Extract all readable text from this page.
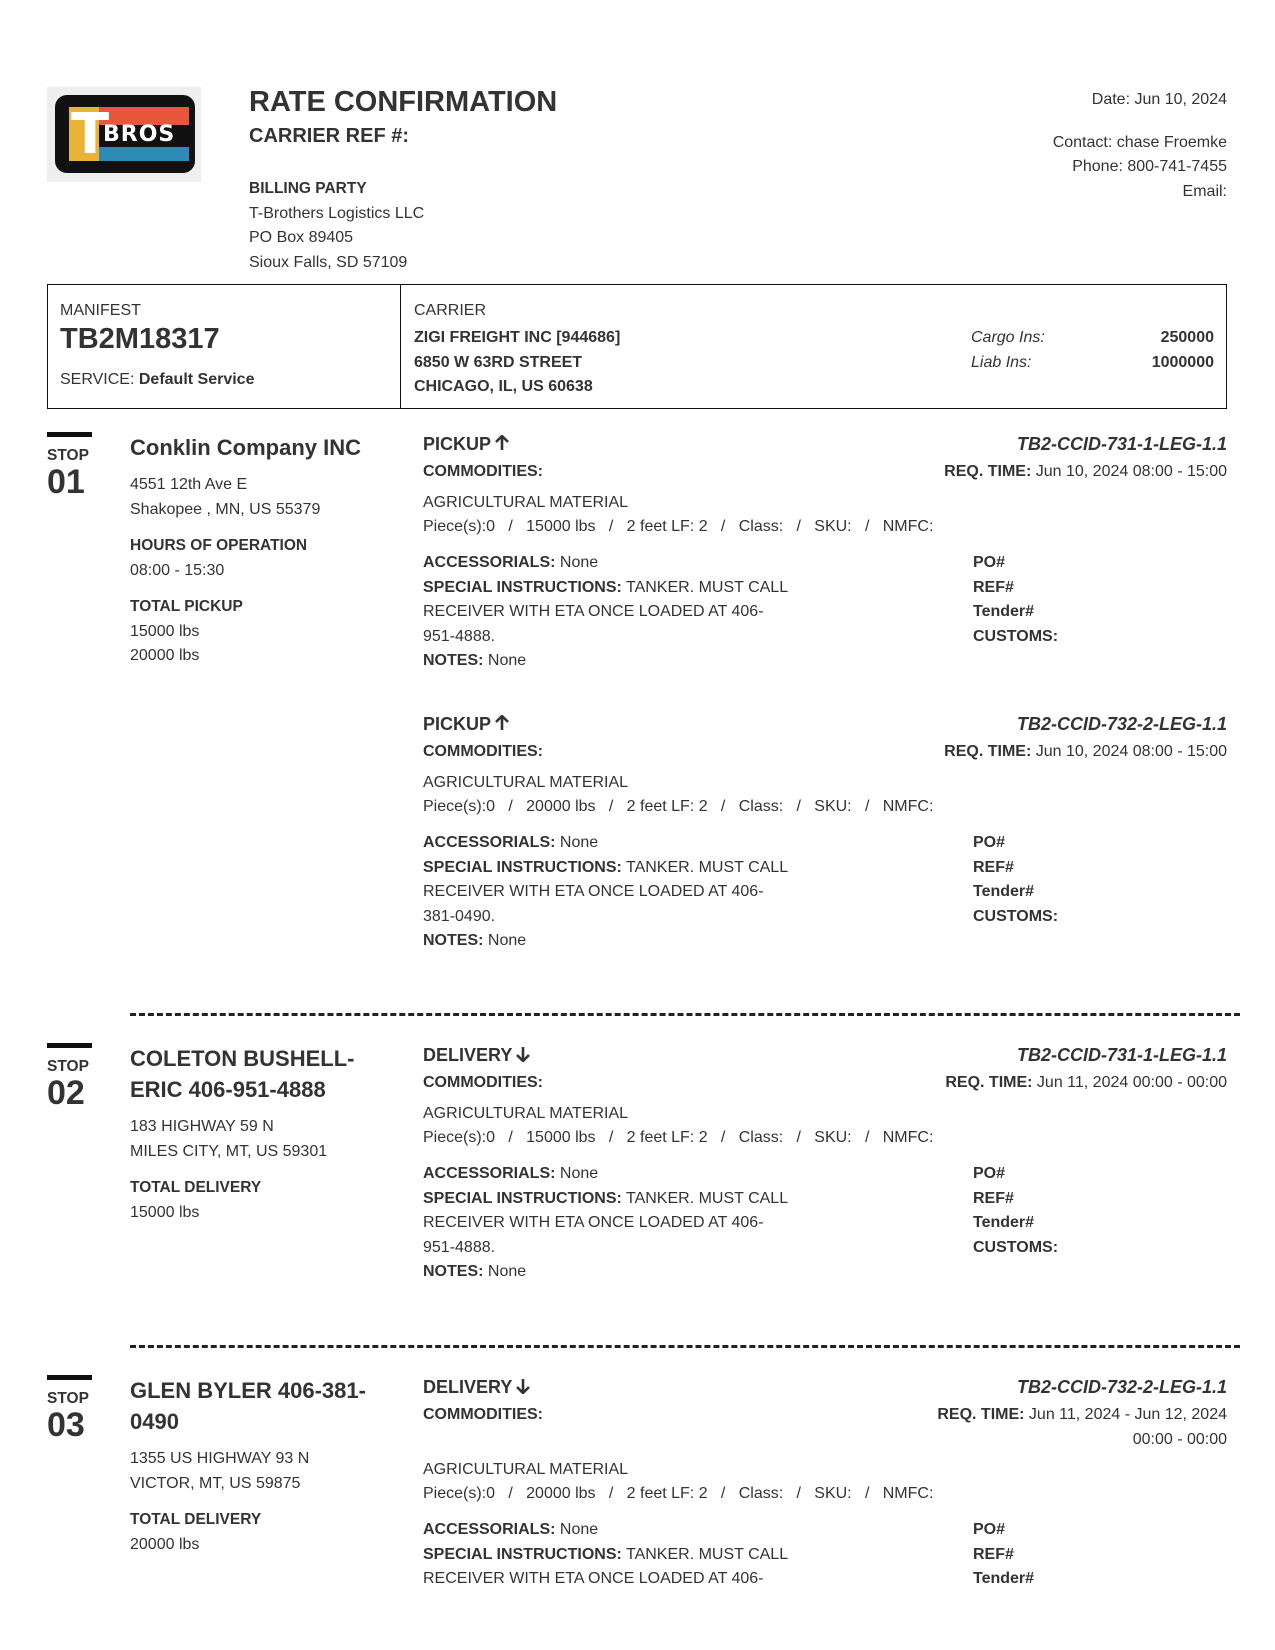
T
BROS
RATE CONFIRMATION
CARRIER REF #:
BILLING PARTY
T-Brothers Logistics LLC
PO Box 89405
Sioux Falls, SD 57109
Date: Jun 10, 2024
Contact: chase Froemke
Phone: 800-741-7455
Email:
MANIFEST
TB2M18317
SERVICE: Default Service
CARRIER
ZIGI FREIGHT INC [944686]
6850 W 63RD STREET
CHICAGO, IL, US 60638
Cargo Ins:	250000
Liab Ins:	1000000
STOP
01
Conklin Company INC
4551 12th Ave E
Shakopee , MN, US 55379
HOURS OF OPERATION
08:00 - 15:30
TOTAL PICKUP
15000 lbs
20000 lbs
PICKUP	TB2-CCID-731-1-LEG-1.1
COMMODITIES:	REQ. TIME: Jun 10, 2024 08:00 - 15:00
AGRICULTURAL MATERIAL
Piece(s):0   /   15000 lbs   /   2 feet LF: 2   /   Class:   /   SKU:   /   NMFC:
ACCESSORIALS: None
SPECIAL INSTRUCTIONS: TANKER. MUST CALL
RECEIVER WITH ETA ONCE LOADED AT 406-
951-4888.
NOTES: None
PO#
REF#
Tender#
CUSTOMS:
PICKUP	TB2-CCID-732-2-LEG-1.1
COMMODITIES:	REQ. TIME: Jun 10, 2024 08:00 - 15:00
AGRICULTURAL MATERIAL
Piece(s):0   /   20000 lbs   /   2 feet LF: 2   /   Class:   /   SKU:   /   NMFC:
ACCESSORIALS: None
SPECIAL INSTRUCTIONS: TANKER. MUST CALL
RECEIVER WITH ETA ONCE LOADED AT 406-
381-0490.
NOTES: None
PO#
REF#
Tender#
CUSTOMS:
STOP
02
COLETON BUSHELL-ERIC 406-951-4888
183 HIGHWAY 59 N
MILES CITY, MT, US 59301
TOTAL DELIVERY
15000 lbs
DELIVERY	TB2-CCID-731-1-LEG-1.1
COMMODITIES:	REQ. TIME: Jun 11, 2024 00:00 - 00:00
AGRICULTURAL MATERIAL
Piece(s):0   /   15000 lbs   /   2 feet LF: 2   /   Class:   /   SKU:   /   NMFC:
ACCESSORIALS: None
SPECIAL INSTRUCTIONS: TANKER. MUST CALL
RECEIVER WITH ETA ONCE LOADED AT 406-
951-4888.
NOTES: None
PO#
REF#
Tender#
CUSTOMS:
STOP
03
GLEN BYLER 406-381-0490
1355 US HIGHWAY 93 N
VICTOR, MT, US 59875
TOTAL DELIVERY
20000 lbs
DELIVERY	TB2-CCID-732-2-LEG-1.1
COMMODITIES:	REQ. TIME: Jun 11, 2024 - Jun 12, 2024
00:00 - 00:00
AGRICULTURAL MATERIAL
Piece(s):0   /   20000 lbs   /   2 feet LF: 2   /   Class:   /   SKU:   /   NMFC:
ACCESSORIALS: None
SPECIAL INSTRUCTIONS: TANKER. MUST CALL
RECEIVER WITH ETA ONCE LOADED AT 406-
PO#
REF#
Tender#
